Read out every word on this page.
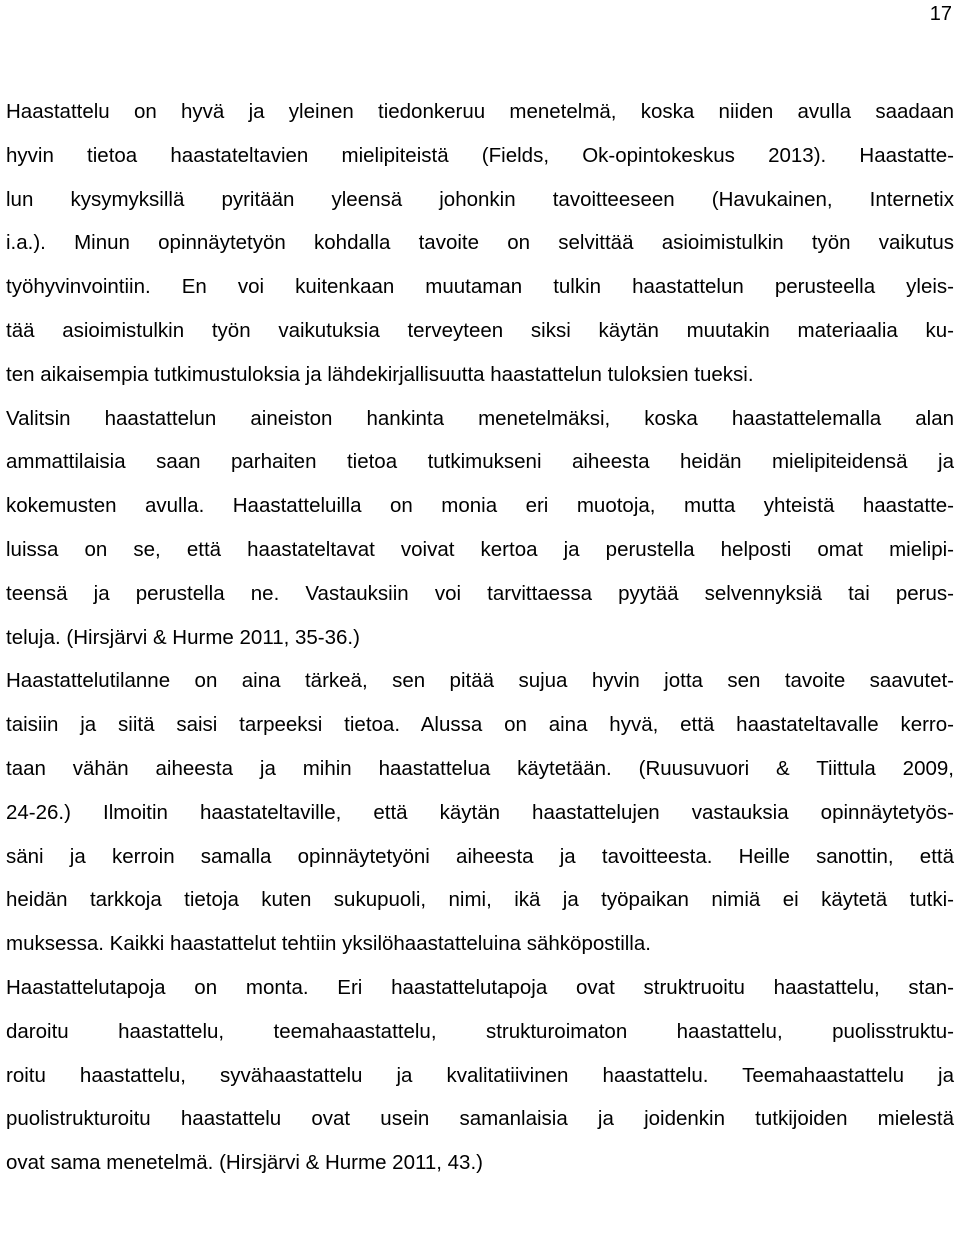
17
Haastattelu on hyvä ja yleinen tiedonkeruu menetelmä, koska niiden avulla saadaan
hyvin tietoa haastateltavien mielipiteistä (Fields, Ok-opintokeskus 2013). Haastatte-
lun kysymyksillä pyritään yleensä johonkin tavoitteeseen (Havukainen, Internetix
i.a.). Minun opinnäytetyön kohdalla tavoite on selvittää asioimistulkin työn vaikutus
työhyvinvointiin. En voi kuitenkaan muutaman tulkin haastattelun perusteella yleis-
tää asioimistulkin työn vaikutuksia terveyteen siksi käytän muutakin materiaalia ku-
ten aikaisempia tutkimustuloksia ja lähdekirjallisuutta haastattelun tuloksien tueksi.
Valitsin haastattelun aineiston hankinta menetelmäksi, koska haastattelemalla alan
ammattilaisia saan parhaiten tietoa tutkimukseni aiheesta heidän mielipiteidensä ja
kokemusten avulla. Haastatteluilla on monia eri muotoja, mutta yhteistä haastatte-
luissa on se, että haastateltavat voivat kertoa ja perustella helposti omat mielipi-
teensä ja perustella ne. Vastauksiin voi tarvittaessa pyytää selvennyksiä tai perus-
teluja. (Hirsjärvi & Hurme 2011, 35-36.)
Haastattelutilanne on aina tärkeä, sen pitää sujua hyvin jotta sen tavoite saavutet-
taisiin ja siitä saisi tarpeeksi tietoa. Alussa on aina hyvä, että haastateltavalle kerro-
taan vähän aiheesta ja mihin haastattelua käytetään. (Ruusuvuori & Tiittula 2009,
24-26.) Ilmoitin haastateltaville, että käytän haastattelujen vastauksia opinnäytetyös-
säni ja kerroin samalla opinnäytetyöni aiheesta ja tavoitteesta. Heille sanottin, että
heidän tarkkoja tietoja kuten sukupuoli, nimi, ikä ja työpaikan nimiä ei käytetä tutki-
muksessa. Kaikki haastattelut tehtiin yksilöhaastatteluina sähköpostilla.
Haastattelutapoja on monta. Eri haastattelutapoja ovat struktruoitu haastattelu, stan-
daroitu haastattelu, teemahaastattelu, strukturoimaton haastattelu, puolisstruktu-
roitu haastattelu, syvähaastattelu ja kvalitatiivinen haastattelu. Teemahaastattelu ja
puolistrukturoitu haastattelu ovat usein samanlaisia ja joidenkin tutkijoiden mielestä
ovat sama menetelmä. (Hirsjärvi & Hurme 2011, 43.)
